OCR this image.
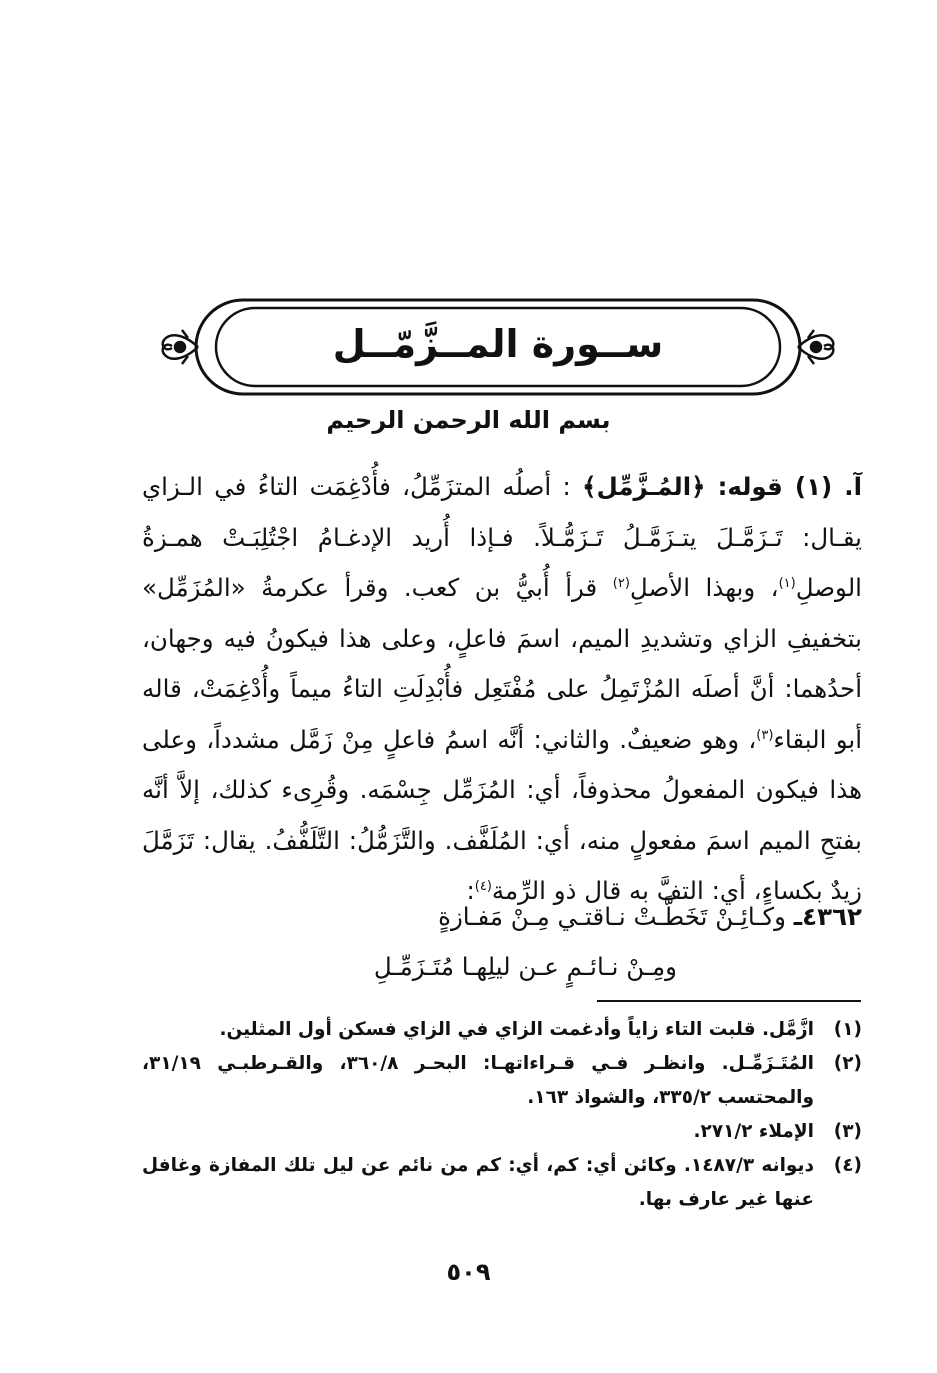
ســورة المــزَّمّــل
بسم الله الرحمن الرحيم

آ. (١) قوله: ﴿المُـزَّمِّل﴾ : أصلُه المتزَمِّلُ، فأُدْغِمَت التاءُ في الـزاي يقـال: تَـزَمَّـلَ يتـزَمَّـلُ تَـزَمُّـلاً. فـإذا أُريد الإدغـامُ اجْتُلِبَـتْ همـزةُ الوصلِ$^{(١)}$، وبهذا الأصلِ$^{(٢)}$ قرأ أُبيُّ بن كعب. وقرأ عكرمةُ «المُزَمِّل» بتخفيفِ الزاي وتشديدِ الميم، اسمَ فاعلٍ، وعلى هذا فيكونُ فيه وجهان، أحدُهما: أنَّ أصلَه المُزْتَمِلُ على مُفْتَعِل فأُبْدِلَتِ التاءُ ميماً وأُدْغِمَتْ، قاله أبو البقاء$^{(٣)}$، وهو ضعيفٌ. والثاني: أنَّه اسمُ فاعلٍ مِنْ زَمَّل مشدداً، وعلى هذا فيكون المفعولُ محذوفاً، أي: المُزَمِّل جِسْمَه. وقُرِىء كذلك، إلاَّ أنَّه بفتحِ الميم اسمَ مفعولٍ منه، أي: المُلَفَّف. والتَّزَمُّلُ: التَّلَفُّفُ. يقال: تَزَمَّلَ زيدٌ بكساءٍ، أي: التفَّ به قال ذو الرِّمة$^{(٤)}$:

٤٣٦٢ـ وكـائِـنْ تَخَطَّـتْ نـاقتـي مِـنْ مَفـازةٍ
ومِـنْ نـائـمٍ عـن ليلِهـا مُتَـزَمِّـلِ
(١)
ازَّمَّل. قلبت التاء زاياً وأدغمت الزاي في الزاي فسكن أول المثلين.
(٢)
المُتَـزَمِّـل. وانظـر فـي قـراءاتهـا: البحـر ٣٦٠/٨، والقـرطبـي ٣١/١٩، والمحتسب ٣٣٥/٢، والشواذ ١٦٣.
(٣)
الإملاء ٢٧١/٢.
(٤)
ديوانه ١٤٨٧/٣. وكائن أي: كم، أي: كم من نائم عن ليل تلك المفازة وغافل عنها غير عارف بها.
٥٠٩
